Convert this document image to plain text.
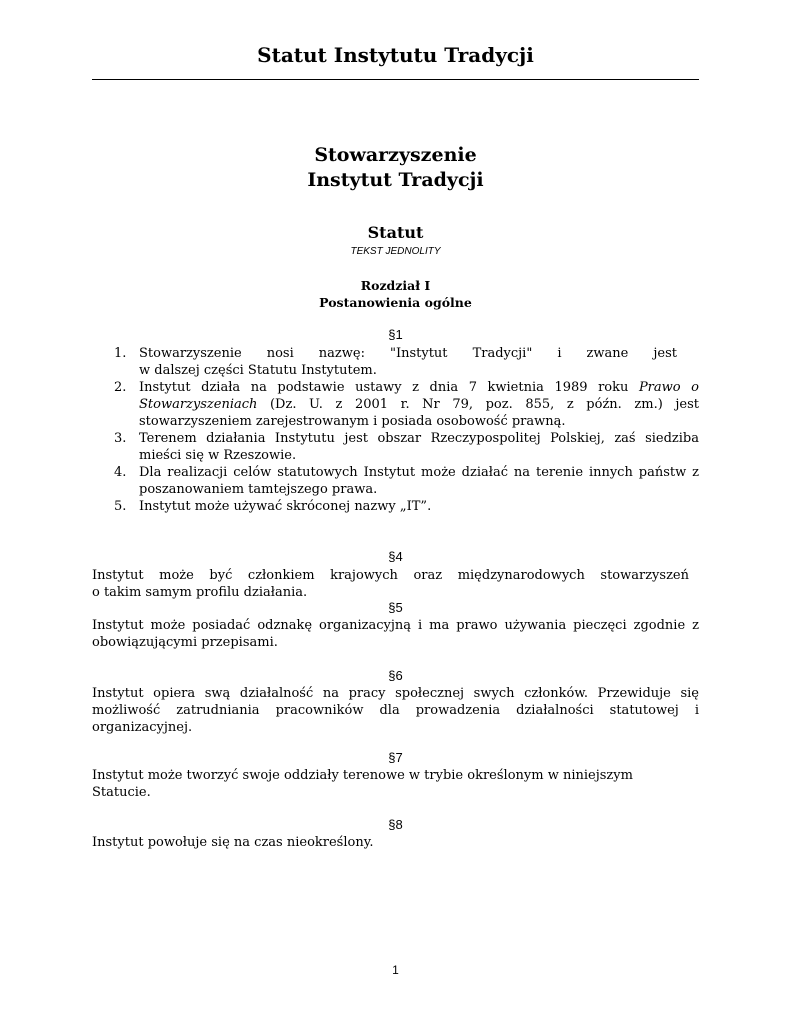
Statut Instytutu Tradycji
Stowarzyszenie
Instytut Tradycji
Statut
TEKST JEDNOLITY
Rozdział I
Postanowienia ogólne
§1
1. Stowarzyszenie nosi nazwę: "Instytut Tradycji" i zwane jest
w dalszej części Statutu Instytutem.
2. Instytut działa na podstawie ustawy z dnia 7 kwietnia 1989 roku Prawo o Stowarzyszeniach (Dz. U. z 2001 r. Nr 79, poz. 855, z późn. zm.) jest stowarzyszeniem zarejestrowanym i posiada osobowość prawną.
3. Terenem działania Instytutu jest obszar Rzeczypospolitej Polskiej, zaś siedziba mieści się w Rzeszowie.
4. Dla realizacji celów statutowych Instytut może działać na terenie innych państw z poszanowaniem tamtejszego prawa.
5. Instytut może używać skróconej nazwy „IT”.
§4
Instytut może być członkiem krajowych oraz międzynarodowych stowarzyszeń
o takim samym profilu działania.
§5
Instytut może posiadać odznakę organizacyjną i ma prawo używania pieczęci zgodnie z obowiązującymi przepisami.
§6
Instytut opiera swą działalność na pracy społecznej swych członków. Przewiduje się możliwość zatrudniania pracowników dla prowadzenia działalności statutowej i organizacyjnej.
§7
Instytut może tworzyć swoje oddziały terenowe w trybie określonym w niniejszym Statucie.
§8
Instytut powołuje się na czas nieokreślony.
1
